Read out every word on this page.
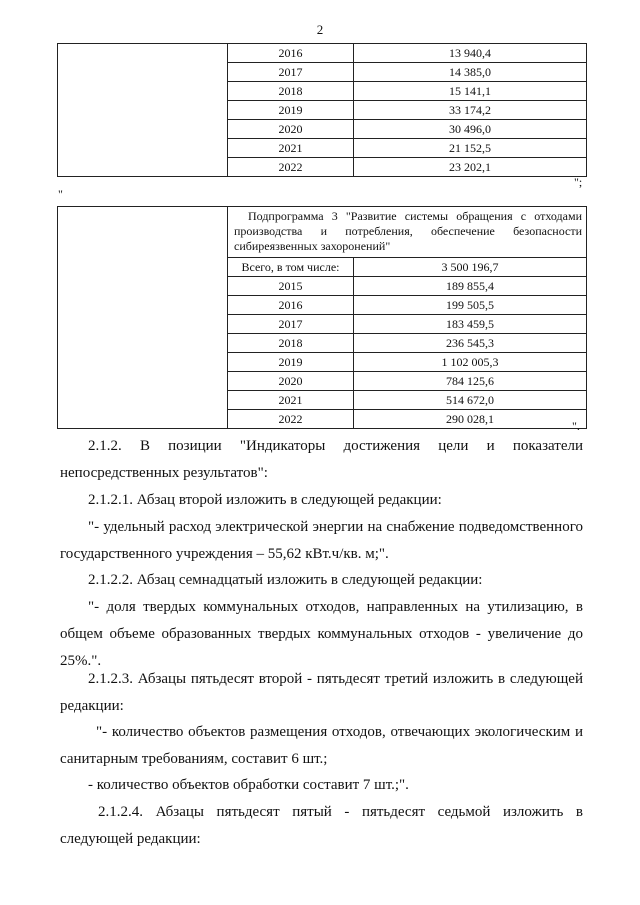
2
	2016	13 940,4
	2017	14 385,0
	2018	15 141,1
	2019	33 174,2
	2020	30 496,0
	2021	21 152,5
	2022	23 202,1
";
"
	Подпрограмма 3 "Развитие системы обращения с отходами производства и потребления, обеспечение безопасности сибиреязвенных захоронений"	
	Всего, в том числе:	3 500 196,7
	2015	189 855,4
	2016	199 505,5
	2017	183 459,5
	2018	236 545,3
	2019	1 102 005,3
	2020	784 125,6
	2021	514 672,0
	2022	290 028,1
".

2.1.2. В позиции "Индикаторы достижения цели и показатели непосредственных результатов":

2.1.2.1. Абзац второй изложить в следующей редакции:

"- удельный расход электрической энергии на снабжение подведомственного государственного учреждения – 55,62 кВт.ч/кв. м;".

2.1.2.2. Абзац семнадцатый изложить в следующей редакции:

"- доля твердых коммунальных отходов, направленных на утилизацию, в общем объеме образованных твердых коммунальных отходов - увеличение до 25%.".

2.1.2.3. Абзацы пятьдесят второй - пятьдесят третий изложить в следующей редакции:

"- количество объектов размещения отходов, отвечающих экологическим и санитарным требованиям, составит 6 шт.;

- количество объектов обработки составит 7 шт.;".

2.1.2.4. Абзацы пятьдесят пятый - пятьдесят седьмой изложить в следующей редакции:
